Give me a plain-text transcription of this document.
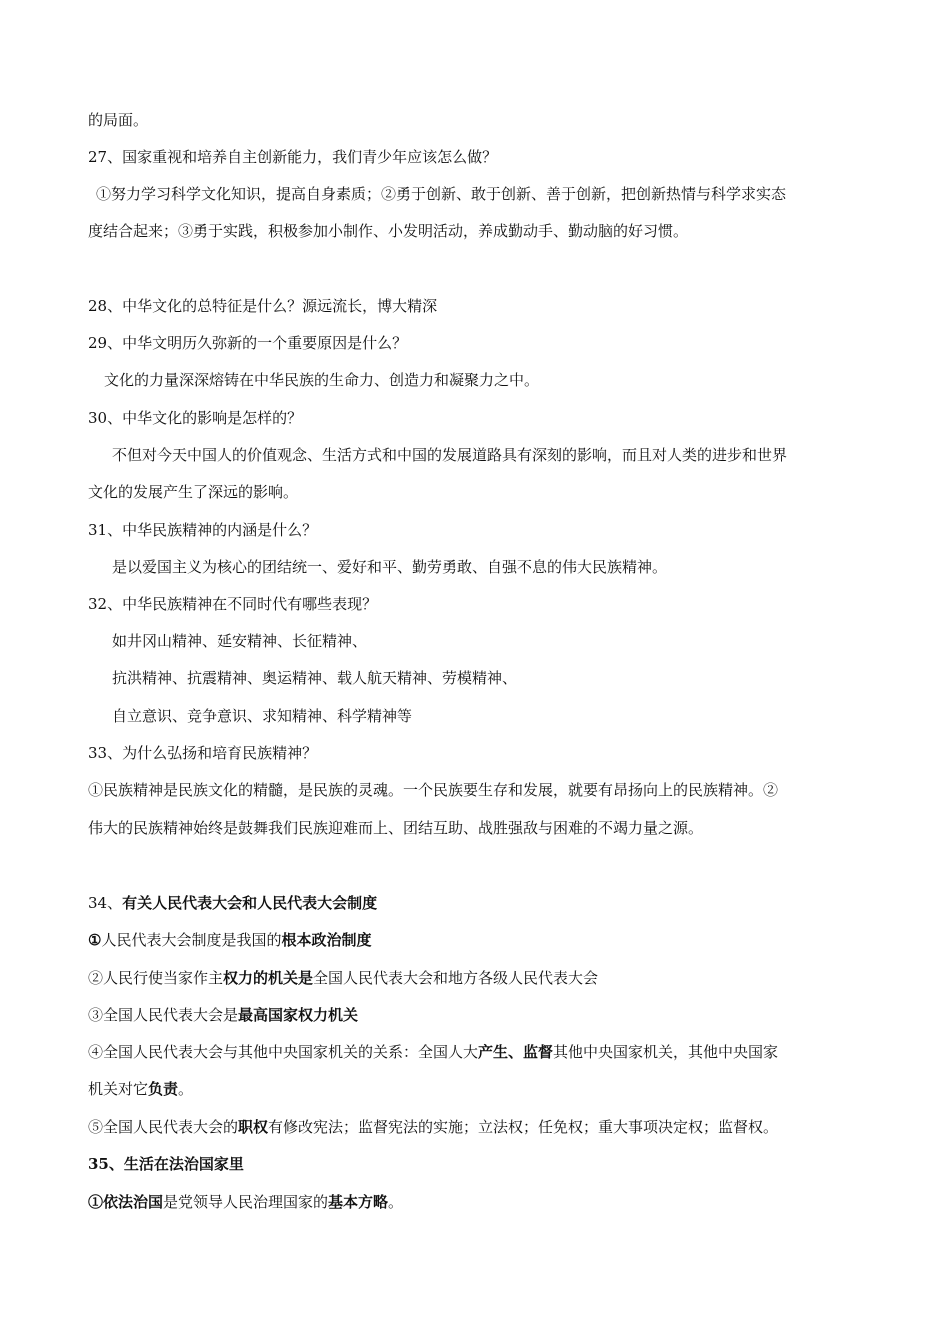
的局面。
27、国家重视和培养自主创新能力，我们青少年应该怎么做？
①努力学习科学文化知识，提高自身素质；②勇于创新、敢于创新、善于创新，把创新热情与科学求实态
度结合起来；③勇于实践，积极参加小制作、小发明活动，养成勤动手、勤动脑的好习惯。
28、中华文化的总特征是什么？源远流长，博大精深
29、中华文明历久弥新的一个重要原因是什么？
文化的力量深深熔铸在中华民族的生命力、创造力和凝聚力之中。
30、中华文化的影响是怎样的？
不但对今天中国人的价值观念、生活方式和中国的发展道路具有深刻的影响，而且对人类的进步和世界
文化的发展产生了深远的影响。
31、中华民族精神的内涵是什么？
是以爱国主义为核心的团结统一、爱好和平、勤劳勇敢、自强不息的伟大民族精神。
32、中华民族精神在不同时代有哪些表现？
如井冈山精神、延安精神、长征精神、
抗洪精神、抗震精神、奥运精神、载人航天精神、劳模精神、
自立意识、竞争意识、求知精神、科学精神等
33、为什么弘扬和培育民族精神？
①民族精神是民族文化的精髓，是民族的灵魂。一个民族要生存和发展，就要有昂扬向上的民族精神。②
伟大的民族精神始终是鼓舞我们民族迎难而上、团结互助、战胜强敌与困难的不竭力量之源。
34、有关人民代表大会和人民代表大会制度
①人民代表大会制度是我国的根本政治制度
②人民行使当家作主权力的机关是全国人民代表大会和地方各级人民代表大会
③全国人民代表大会是最高国家权力机关
④全国人民代表大会与其他中央国家机关的关系：全国人大产生、监督其他中央国家机关，其他中央国家
机关对它负责。
⑤全国人民代表大会的职权有修改宪法；监督宪法的实施；立法权；任免权；重大事项决定权；监督权。
35、生活在法治国家里
①依法治国是党领导人民治理国家的基本方略。
